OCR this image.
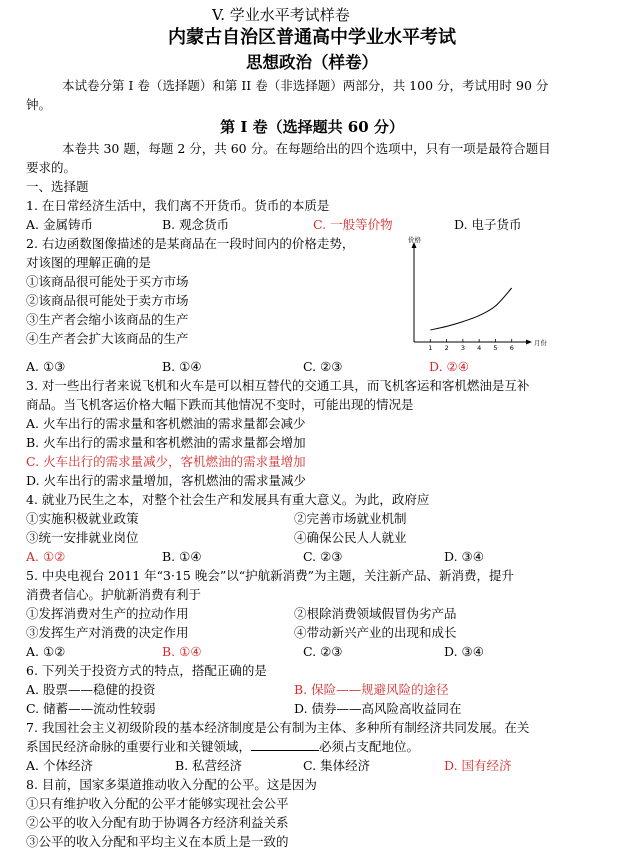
V. 学业水平考试样卷
内蒙古自治区普通高中学业水平考试
思想政治（样卷）
本试卷分第 I 卷（选择题）和第 II 卷（非选择题）两部分，共 100 分，考试用时 90 分
钟。
第 I 卷（选择题共 60 分）
本卷共 30 题，每题 2 分，共 60 分。在每题给出的四个选项中，只有一项是最符合题目
要求的。
一、选择题
1. 在日常经济生活中，我们离不开货币。货币的本质是
A. 金属铸币	B. 观念货币	C. 一般等价物	D. 电子货币
2. 右边函数图像描述的是某商品在一段时间内的价格走势，
对该图的理解正确的是
①该商品很可能处于买方市场
②该商品很可能处于卖方市场
③生产者会缩小该商品的生产
④生产者会扩大该商品的生产
价格
月份
1 2 3 4 5 6
A. ①③	B. ①④	C. ②③	D. ②④
3. 对一些出行者来说飞机和火车是可以相互替代的交通工具，而飞机客运和客机燃油是互补
商品。当飞机客运价格大幅下跌而其他情况不变时，可能出现的情况是
A. 火车出行的需求量和客机燃油的需求量都会减少
B. 火车出行的需求量和客机燃油的需求量都会增加
C. 火车出行的需求量减少，客机燃油的需求量增加
D. 火车出行的需求量增加，客机燃油的需求量减少
4. 就业乃民生之本，对整个社会生产和发展具有重大意义。为此，政府应
①实施积极就业政策	②完善市场就业机制
③统一安排就业岗位	④确保公民人人就业
A. ①②	B. ①④	C. ②③	D. ③④
5. 中央电视台 2011 年“3·15 晚会”以“护航新消费”为主题，关注新产品、新消费，提升
消费者信心。护航新消费有利于
①发挥消费对生产的拉动作用	②根除消费领域假冒伪劣产品
③发挥生产对消费的决定作用	④带动新兴产业的出现和成长
A. ①②	B. ①④	C. ②③	D. ③④
6. 下列关于投资方式的特点，搭配正确的是
A. 股票——稳健的投资	B. 保险——规避风险的途径
C. 储蓄——流动性较弱	D. 债券——高风险高收益同在
7. 我国社会主义初级阶段的基本经济制度是公有制为主体、多种所有制经济共同发展。在关
系国民经济命脉的重要行业和关键领域，	必须占支配地位。
A. 个体经济	B. 私营经济	C. 集体经济	D. 国有经济
8. 目前，国家多渠道推动收入分配的公平。这是因为
①只有维护收入分配的公平才能够实现社会公平
②公平的收入分配有助于协调各方经济利益关系
③公平的收入分配和平均主义在本质上是一致的
